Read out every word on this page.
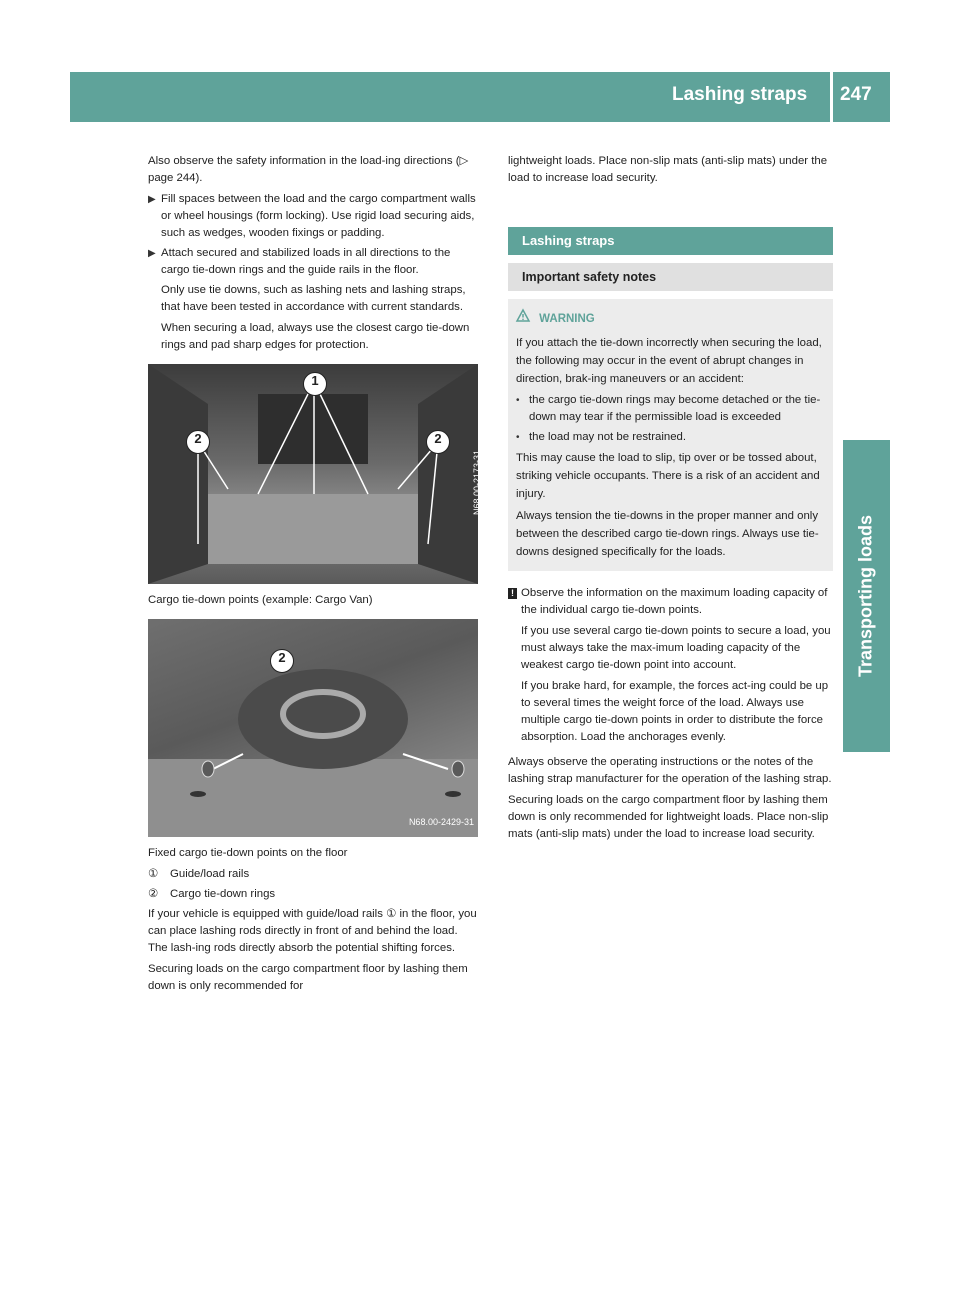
Lashing straps 247
Transporting loads

Also observe the safety information in the load-ing directions (▷ page 244).

▶ Fill spaces between the load and the cargo compartment walls or wheel housings (form locking). Use rigid load securing aids, such as wedges, wooden fixings or padding.
▶ Attach secured and stabilized loads in all directions to the cargo tie-down rings and the guide rails in the floor.

Only use tie downs, such as lashing nets and lashing straps, that have been tested in accordance with current standards.

When securing a load, always use the closest cargo tie-down rings and pad sharp edges for protection.

1
2	2
N68.00-2173-31

Cargo tie-down points (example: Cargo Van)

2
N68.00-2429-31

Fixed cargo tie-down points on the floor

①	Guide/load rails
②	Cargo tie-down rings

If your vehicle is equipped with guide/load rails ① in the floor, you can place lashing rods directly in front of and behind the load. The lash-ing rods directly absorb the potential shifting forces.

Securing loads on the cargo compartment floor by lashing them down is only recommended for

lightweight loads. Place non-slip mats (anti-slip mats) under the load to increase load security.

Lashing straps
Important safety notes
WARNING

If you attach the tie-down incorrectly when securing the load, the following may occur in the event of abrupt changes in direction, brak-ing maneuvers or an accident:

• the cargo tie-down rings may become detached or the tie-down may tear if the permissible load is exceeded
• the load may not be restrained.

This may cause the load to slip, tip over or be tossed about, striking vehicle occupants. There is a risk of an accident and injury.

Always tension the tie-downs in the proper manner and only between the described cargo tie-down rings. Always use tie-downs designed specifically for the loads.

! Observe the information on the maximum loading capacity of the individual cargo tie-down points.

If you use several cargo tie-down points to secure a load, you must always take the max-imum loading capacity of the weakest cargo tie-down point into account.

If you brake hard, for example, the forces act-ing could be up to several times the weight force of the load. Always use multiple cargo tie-down points in order to distribute the force absorption. Load the anchorages evenly.

Always observe the operating instructions or the notes of the lashing strap manufacturer for the operation of the lashing strap.

Securing loads on the cargo compartment floor by lashing them down is only recommended for lightweight loads. Place non-slip mats (anti-slip mats) under the load to increase load security.
